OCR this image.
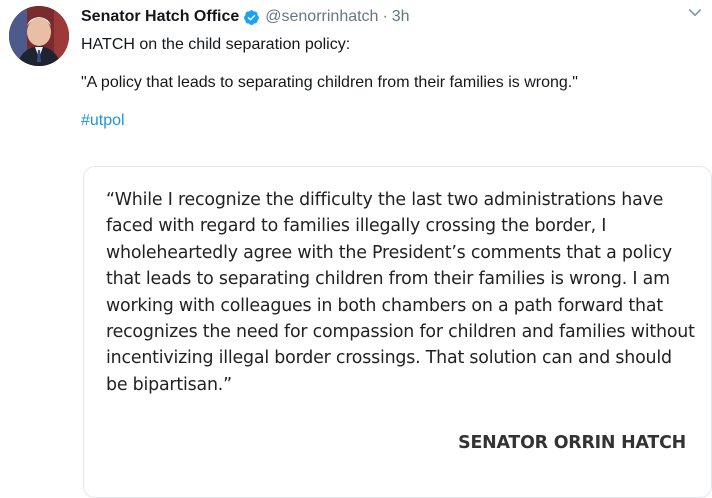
Senator Hatch Office @senorrinhatch · 3h

HATCH on the child separation policy:

"A policy that leads to separating children from their families is wrong."

#utpol

“While I recognize the difficulty the last two administrations have faced with regard to families illegally crossing the border, I wholeheartedly agree with the President’s comments that a policy that leads to separating children from their families is wrong. I am working with colleagues in both chambers on a path forward that recognizes the need for compassion for children and families without incentivizing illegal border crossings. That solution can and should be bipartisan.”
SENATOR ORRIN HATCH
